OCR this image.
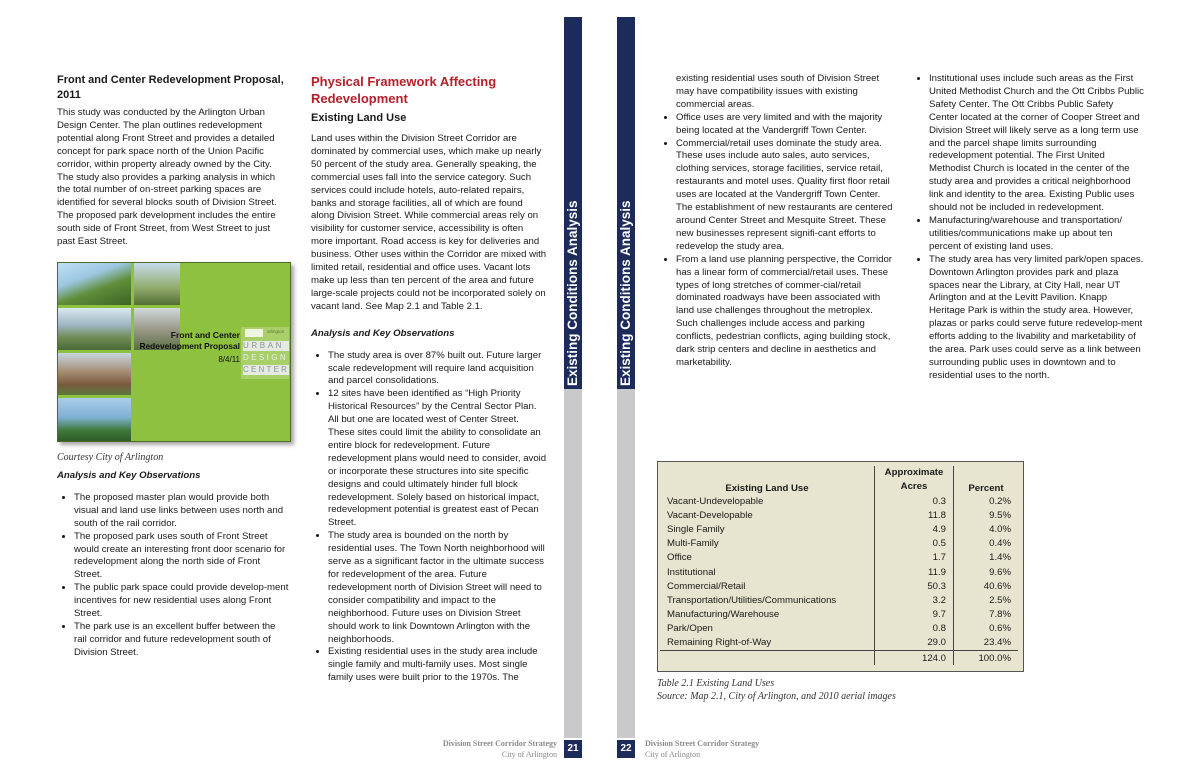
Front and Center Redevelopment Proposal, 2011

This study was conducted by the Arlington Urban Design Center. The plan outlines redevelopment potential along Front Street and provides a detailed concept for park space north of the Union Pacific corridor, within property already owned by the City. The study also provides a parking analysis in which the total number of on-street parking spaces are identified for several blocks south of Division Street. The proposed park development includes the entire south side of Front Street, from West Street to just past East Street.

Front and Center
Redevelopment Proposal
8/4/11
arlington
URBAN
DESIGN
CENTER
Courtesy City of Arlington
Analysis and Key Observations
• The proposed master plan would provide both visual and land use links between uses north and south of the rail corridor.
• The proposed park uses south of Front Street would create an interesting front door scenario for redevelopment along the north side of Front Street.
• The public park space could provide develop-ment incentives for new residential uses along Front Street.
• The park use is an excellent buffer between the rail corridor and future redevelopment south of Division Street.
Physical Framework Affecting Redevelopment
Existing Land Use

Land uses within the Division Street Corridor are dominated by commercial uses, which make up nearly 50 percent of the study area. Generally speaking, the commercial uses fall into the service category. Such services could include hotels, auto-related repairs, banks and storage facilities, all of which are found along Division Street. While commercial areas rely on visibility for customer service, accessibility is often more important. Road access is key for deliveries and business. Other uses within the Corridor are mixed with limited retail, residential and office uses. Vacant lots make up less than ten percent of the area and future large-scale projects could not be incorporated solely on vacant land. See Map 2.1 and Table 2.1.

Analysis and Key Observations
• The study area is over 87% built out. Future larger scale redevelopment will require land acquisition and parcel consolidations.
• 12 sites have been identified as “High Priority Historical Resources” by the Central Sector Plan. All but one are located west of Center Street. These sites could limit the ability to consolidate an entire block for redevelopment. Future redevelopment plans would need to consider, avoid or incorporate these structures into site specific designs and could ultimately hinder full block redevelopment. Solely based on historical impact, redevelopment potential is greatest east of Pecan Street.
• The study area is bounded on the north by residential uses. The Town North neighborhood will serve as a significant factor in the ultimate success for redevelopment of the area. Future redevelopment north of Division Street will need to consider compatibility and impact to the neighborhood. Future uses on Division Street should work to link Downtown Arlington with the neighborhoods.
• Existing residential uses in the study area include single family and multi-family uses. Most single family uses were built prior to the 1970s. The
Existing Conditions Analysis
21
Existing Conditions Analysis
22
Division Street Corridor Strategy
City of Arlington
Division Street Corridor Strategy
City of Arlington

existing residential uses south of Division Street may have compatibility issues with existing commercial areas.

• Office uses are very limited and with the majority being located at the Vandergriff Town Center.
• Commercial/retail uses dominate the study area. These uses include auto sales, auto services, clothing services, storage facilities, service retail, restaurants and motel uses. Quality first floor retail uses are located at the Vandergriff Town Center. The establishment of new restaurants are centered around Center Street and Mesquite Street. These new businesses represent signifi-cant efforts to redevelop the study area.
• From a land use planning perspective, the Corridor has a linear form of commercial/retail uses. These types of long stretches of commer-cial/retail dominated roadways have been associated with land use challenges throughout the metroplex. Such challenges include access and parking conflicts, pedestrian conflicts, aging building stock, dark strip centers and decline in aesthetics and marketability.
• Institutional uses include such areas as the First United Methodist Church and the Ott Cribbs Public Safety Center. The Ott Cribbs Public Safety Center located at the corner of Cooper Street and Division Street will likely serve as a long term use and the parcel shape limits surrounding redevelopment potential. The First United Methodist Church is located in the center of the study area and provides a critical neighborhood link and identity to the area. Existing Public uses should not be included in redevelopment.
• Manufacturing/warehouse and transportation/ utilities/communications make up about ten percent of existing land uses.
• The study area has very limited park/open spaces. Downtown Arlington provides park and plaza spaces near the Library, at City Hall, near UT Arlington and at the Levitt Pavilion. Knapp Heritage Park is within the study area. However, plazas or parks could serve future redevelop-ment efforts adding to the livability and marketability of the area. Park uses could serve as a link between surrounding public uses in downtown and to residential uses to the north.
Existing Land Use	Approximate
Acres	Percent
Vacant-Undevelopable	0.3	0.2%
Vacant-Developable	11.8	9.5%
Single Family	4.9	4.0%
Multi-Family	0.5	0.4%
Office	1.7	1.4%
Institutional	11.9	9.6%
Commercial/Retail	50.3	40.6%
Transportation/Utilities/Communications	3.2	2.5%
Manufacturing/Warehouse	9.7	7.8%
Park/Open	0.8	0.6%
Remaining Right-of-Way	29.0	23.4%
	124.0	100.0%
Table 2.1 Existing Land Uses
Source: Map 2.1, City of Arlington, and 2010 aerial images
